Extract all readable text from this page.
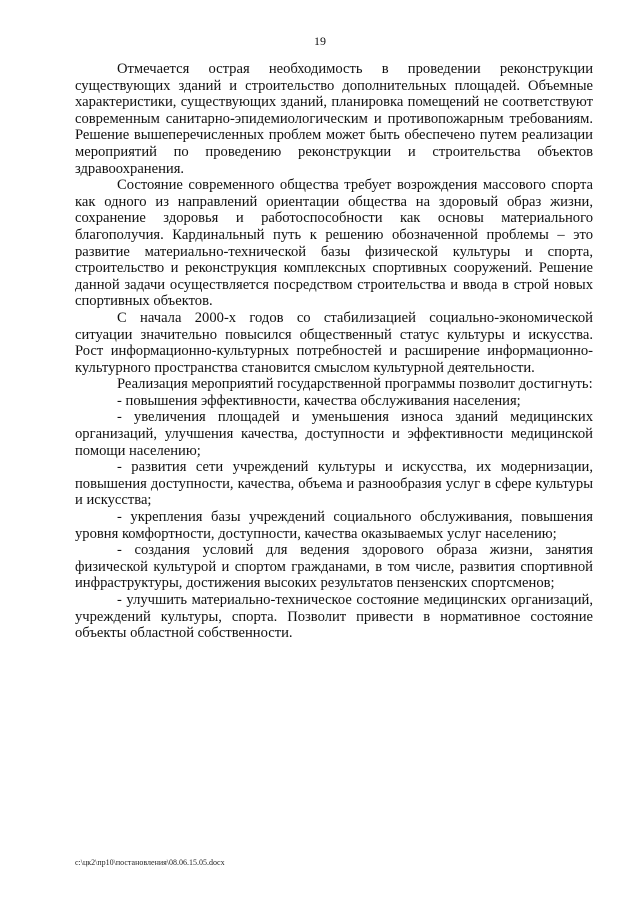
19

Отмечается острая необходимость в проведении реконструкции существующих зданий и строительство дополнительных площадей. Объемные характеристики, существующих зданий, планировка помещений не соответствуют современным санитарно-эпидемиологическим и противопожарным требованиям. Решение вышеперечисленных проблем может быть обеспечено путем реализации мероприятий по проведению реконструкции и строительства объектов здравоохранения.

Состояние современного общества требует возрождения массового спорта как одного из направлений ориентации общества на здоровый образ жизни, сохранение здоровья и работоспособности как основы материального благополучия. Кардинальный путь к решению обозначенной проблемы – это развитие материально-технической базы физической культуры и спорта, строительство и реконструкция комплексных спортивных сооружений. Решение данной задачи осуществляется посредством строительства и ввода в строй новых спортивных объектов.

С начала 2000-х годов со стабилизацией социально-экономической ситуации значительно повысился общественный статус культуры и искусства. Рост информационно-культурных потребностей и расширение информационно-культурного пространства становится смыслом культурной деятельности.

Реализация мероприятий государственной программы позволит достигнуть:

- повышения эффективности, качества обслуживания населения;

- увеличения площадей и уменьшения износа зданий медицинских организаций, улучшения качества, доступности и эффективности медицинской помощи населению;

- развития сети учреждений культуры и искусства, их модернизации, повышения доступности, качества, объема и разнообразия услуг в сфере культуры и искусства;

- укрепления базы учреждений социального обслуживания, повышения уровня комфортности, доступности, качества оказываемых услуг населению;

- создания условий для ведения здорового образа жизни, занятия физической культурой и спортом гражданами, в том числе, развития спортивной инфраструктуры, достижения высоких результатов пензенских спортсменов;

- улучшить материально-техническое состояние медицинских организаций, учреждений культуры, спорта. Позволит привести в нормативное состояние объекты областной собственности.

c:\цк2\пр10\постановления\08.06.15.05.docx
